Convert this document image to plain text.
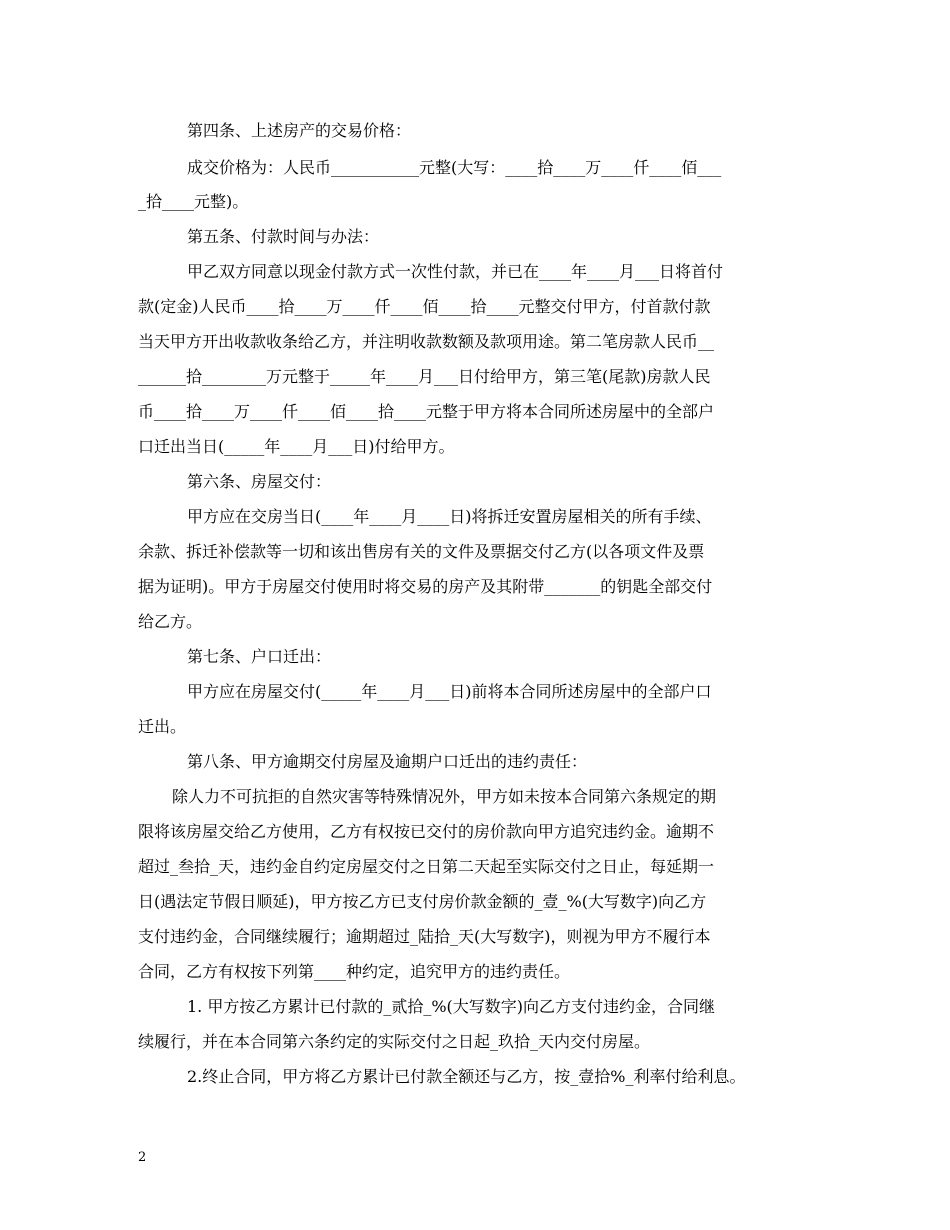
第四条、上述房产的交易价格：
成交价格为：人民币___________元整(大写：____拾____万____仟____佰___
_拾____元整)。
第五条、付款时间与办法：
甲乙双方同意以现金付款方式一次性付款，并已在____年____月___日将首付
款(定金)人民币____拾____万____仟____佰____拾____元整交付甲方，付首款付款
当天甲方开出收款收条给乙方，并注明收款数额及款项用途。第二笔房款人民币__
______拾________万元整于_____年____月___日付给甲方，第三笔(尾款)房款人民
币____拾____万____仟____佰____拾____元整于甲方将本合同所述房屋中的全部户
口迁出当日(_____年____月___日)付给甲方。
第六条、房屋交付：
甲方应在交房当日(____年____月____日)将拆迁安置房屋相关的所有手续、
余款、拆迁补偿款等一切和该出售房有关的文件及票据交付乙方(以各项文件及票
据为证明)。甲方于房屋交付使用时将交易的房产及其附带_______的钥匙全部交付
给乙方。
第七条、户口迁出：
甲方应在房屋交付(_____年____月___日)前将本合同所述房屋中的全部户口
迁出。
第八条、甲方逾期交付房屋及逾期户口迁出的违约责任：
除人力不可抗拒的自然灾害等特殊情况外，甲方如未按本合同第六条规定的期
限将该房屋交给乙方使用，乙方有权按已交付的房价款向甲方追究违约金。逾期不
超过_叁拾_天，违约金自约定房屋交付之日第二天起至实际交付之日止，每延期一
日(遇法定节假日顺延)，甲方按乙方已支付房价款金额的_壹_%(大写数字)向乙方
支付违约金，合同继续履行；逾期超过_陆拾_天(大写数字)，则视为甲方不履行本
合同，乙方有权按下列第____种约定，追究甲方的违约责任。
1. 甲方按乙方累计已付款的_贰拾_%(大写数字)向乙方支付违约金，合同继
续履行，并在本合同第六条约定的实际交付之日起_玖拾_天内交付房屋。
2.终止合同，甲方将乙方累计已付款全额还与乙方，按_壹拾%_利率付给利息。
2
